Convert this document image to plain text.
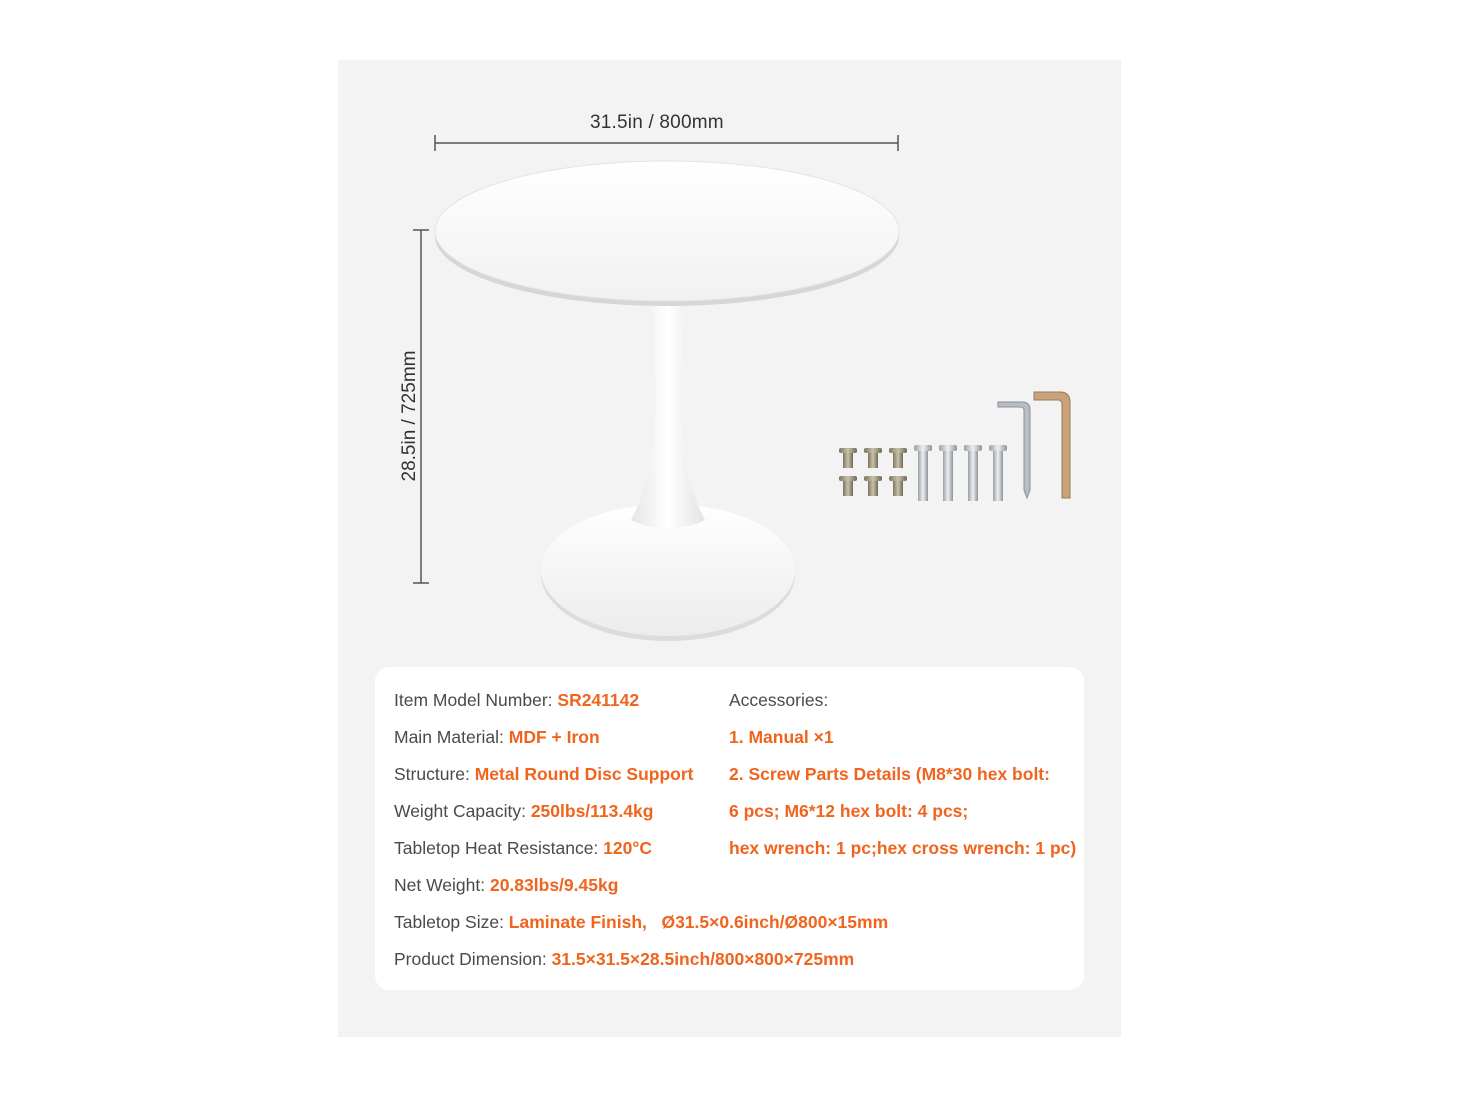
31.5in / 800mm
28.5in / 725mm
Item Model Number: SR241142
Main Material: MDF + Iron
Structure: Metal Round Disc Support
Weight Capacity: 250lbs/113.4kg
Tabletop Heat Resistance: 120°C
Net Weight: 20.83lbs/9.45kg
Tabletop Size: Laminate Finish,   Ø31.5×0.6inch/Ø800×15mm
Product Dimension: 31.5×31.5×28.5inch/800×800×725mm
Accessories:
1. Manual ×1
2. Screw Parts Details (M8*30 hex bolt:
6 pcs; M6*12 hex bolt: 4 pcs;
hex wrench: 1 pc;hex cross wrench: 1 pc)
